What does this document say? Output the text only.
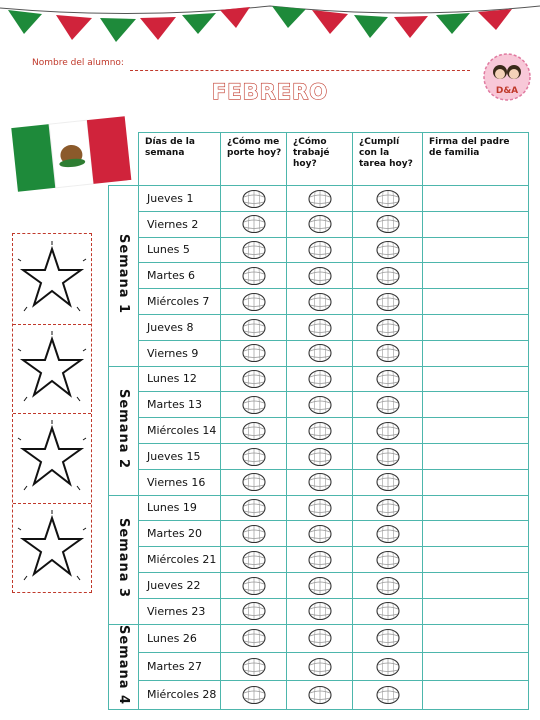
Nombre del alumno:
D&A
FEBRERO
	Días de la semana	¿Cómo me porte hoy?	¿Cómo trabajé hoy?	¿Cumplí con la tarea hoy?	Firma del padre de familia
Semana 1	Jueves 1				
	Viernes 2				
	Lunes 5				
	Martes 6				
	Miércoles 7				
	Jueves 8				
	Viernes 9				
Semana 2	Lunes 12				
	Martes 13				
	Miércoles 14				
	Jueves 15				
	Viernes 16				
Semana 3	Lunes 19				
	Martes 20				
	Miércoles 21				
	Jueves 22				
	Viernes 23				
Semana 4	Lunes 26				
	Martes 27				
	Miércoles 28				
